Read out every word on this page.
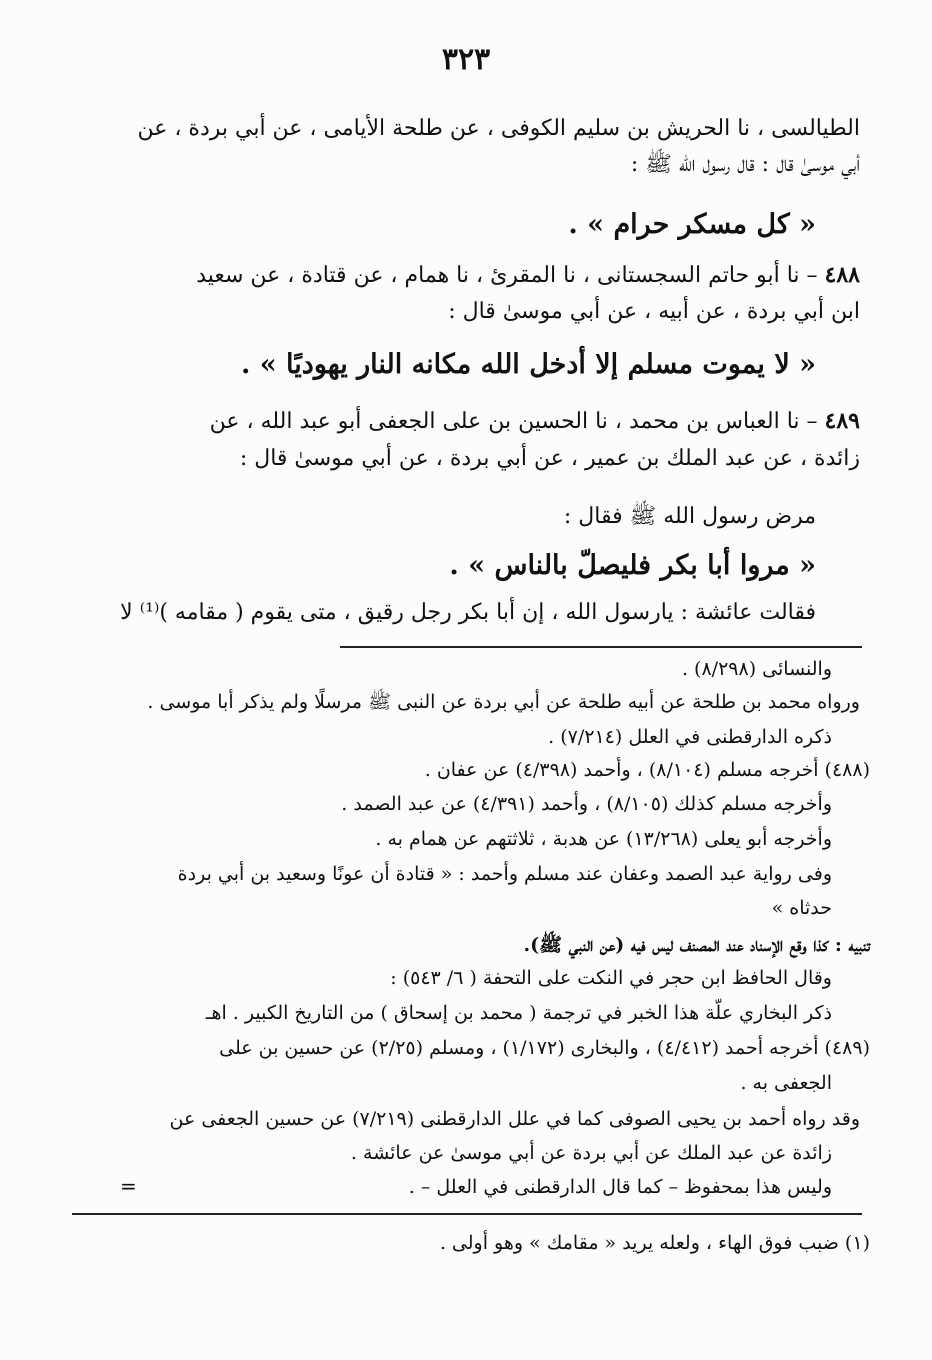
٣٢٣
الطيالسى ، نا الحريش بن سليم الكوفى ، عن طلحة الأيامى ، عن أبي بردة ، عن
أبي موسىٰ قال : قال رسول الله ﷺ :
« كل مسكر حرام » .
٤٨٨ – نا أبو حاتم السجستانى ، نا المقرئ ، نا همام ، عن قتادة ، عن سعيد
ابن أبي بردة ، عن أبيه ، عن أبي موسىٰ قال :
« لا يموت مسلم إلا أدخل الله مكانه النار يهوديًا » .
٤٨٩ – نا العباس بن محمد ، نا الحسين بن على الجعفى أبو عبد الله ، عن
زائدة ، عن عبد الملك بن عمير ، عن أبي بردة ، عن أبي موسىٰ قال :
مرض رسول الله ﷺ فقال :
« مروا أبا بكر فليصلّ بالناس » .
فقالت عائشة : يارسول الله ، إن أبا بكر رجل رقيق ، متى يقوم ( مقامه )⁽¹⁾ لا
والنسائى (٨/٢٩٨) .
ورواه محمد بن طلحة عن أبيه طلحة عن أبي بردة عن النبى ﷺ مرسلًا ولم يذكر أبا موسى .
ذكره الدارقطنى في العلل (٧/٢١٤) .
(٤٨٨) أخرجه مسلم (٨/١٠٤) ، وأحمد (٤/٣٩٨) عن عفان .
وأخرجه مسلم كذلك (٨/١٠٥) ، وأحمد (٤/٣٩١) عن عبد الصمد .
وأخرجه أبو يعلى (١٣/٢٦٨) عن هدبة ، ثلاثتهم عن همام به .
وفى رواية عبد الصمد وعفان عند مسلم وأحمد : « قتادة أن عونًا وسعيد بن أبي بردة
حدثاه »
تنبيه : كذا وقع الإسناد عند المصنف ليس فيه (عن النبي ﷺ).
وقال الحافظ ابن حجر في النكت على التحفة ( ٦/ ٥٤٣) :
ذكر البخاري علّة هذا الخبر في ترجمة ( محمد بن إسحاق ) من التاريخ الكبير . اهـ
(٤٨٩) أخرجه أحمد (٤/٤١٢) ، والبخارى (١/١٧٢) ، ومسلم (٢/٢٥) عن حسين بن على
الجعفى به .
وقد رواه أحمد بن يحيى الصوفى كما في علل الدارقطنى (٧/٢١٩) عن حسين الجعفى عن
زائدة عن عبد الملك عن أبي بردة عن أبي موسىٰ عن عائشة .
وليس هذا بمحفوظ – كما قال الدارقطنى في العلل – .
=
(١) ضبب فوق الهاء ، ولعله يريد « مقامك » وهو أولى .
